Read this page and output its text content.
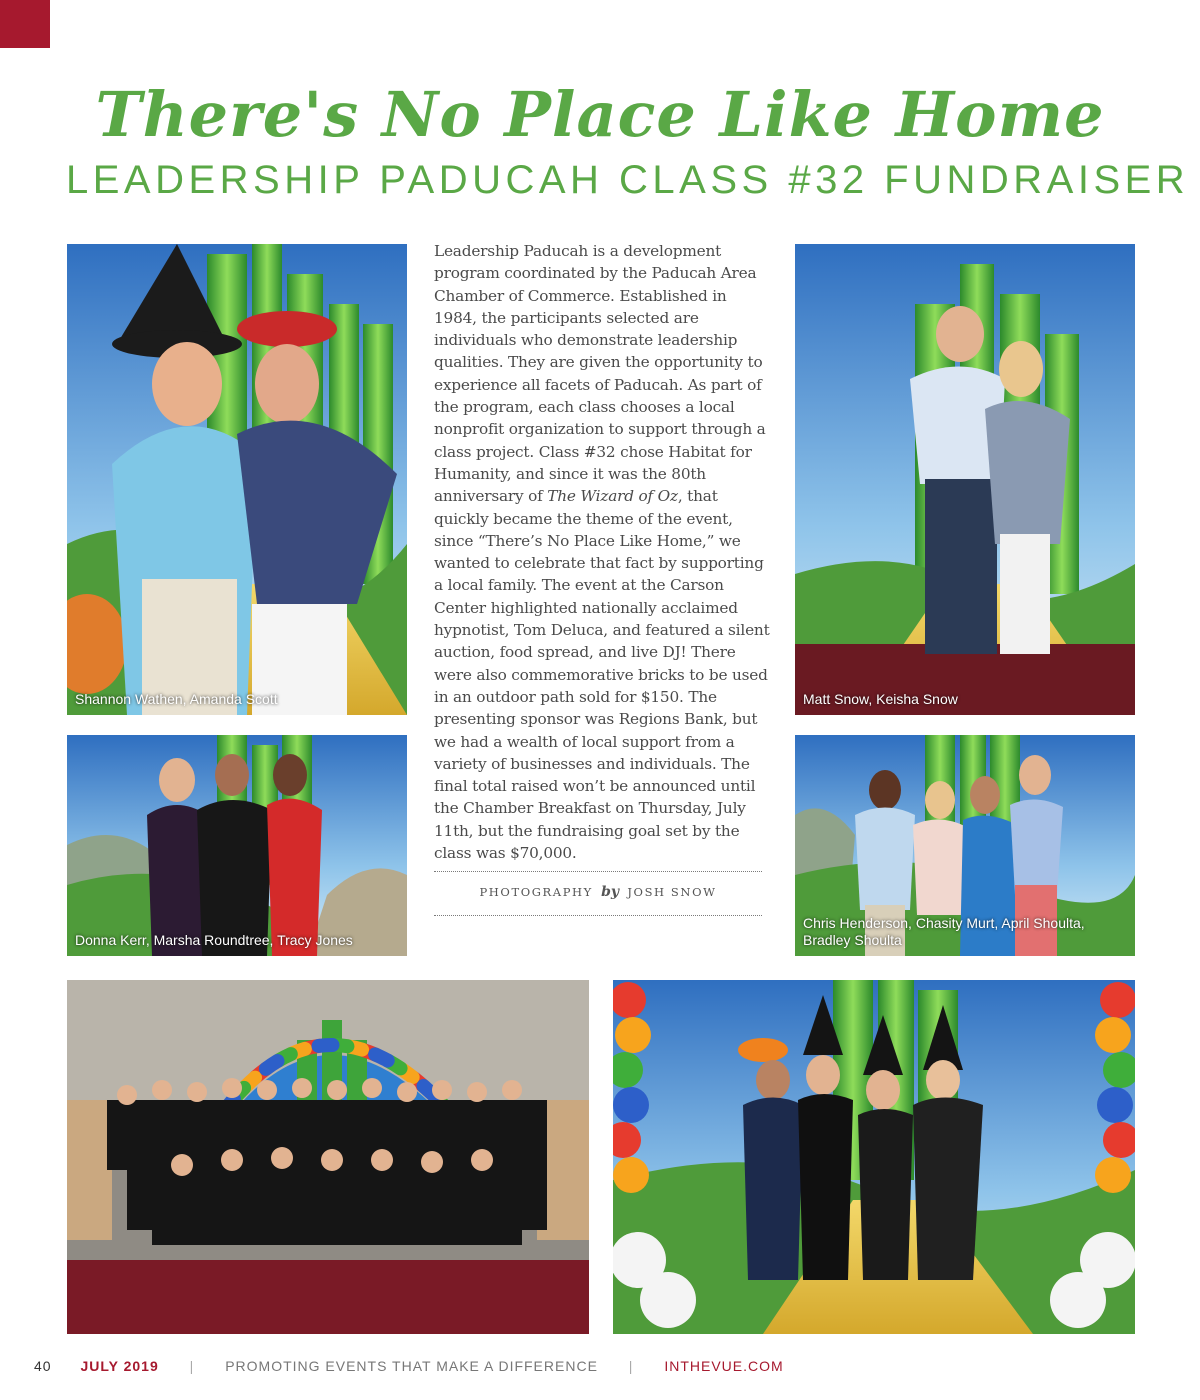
There's No Place Like Home
LEADERSHIP PADUCAH CLASS #32 FUNDRAISER
Shannon Wathen, Amanda Scott
Donna Kerr, Marsha Roundtree, Tracy Jones
Matt Snow, Keisha Snow
Chris Henderson, Chasity Murt, April Shoulta, Bradley Shoulta

Leadership Paducah is a development program coordinated by the Paducah Area Chamber of Commerce. Established in 1984, the participants selected are individuals who demonstrate leadership qualities. They are given the opportunity to experience all facets of Paducah. As part of the program, each class chooses a local nonprofit organization to support through a class project. Class #32 chose Habitat for Humanity, and since it was the 80th anniversary of The Wizard of Oz, that quickly became the theme of the event, since “There’s No Place Like Home,” we wanted to celebrate that fact by supporting a local family. The event at the Carson Center highlighted nationally acclaimed hypnotist, Tom Deluca, and featured a silent auction, food spread, and live DJ! There were also commemorative bricks to be used in an outdoor path sold for $150. The presenting sponsor was Regions Bank, but we had a wealth of local support from a variety of businesses and individuals. The final total raised won’t be announced until the Chamber Breakfast on Thursday, July 11th, but the fundraising goal set by the class was $70,000.

PHOTOGRAPHY by JOSH SNOW
40 JULY 2019 | PROMOTING EVENTS THAT MAKE A DIFFERENCE | INTHEVUE.COM
